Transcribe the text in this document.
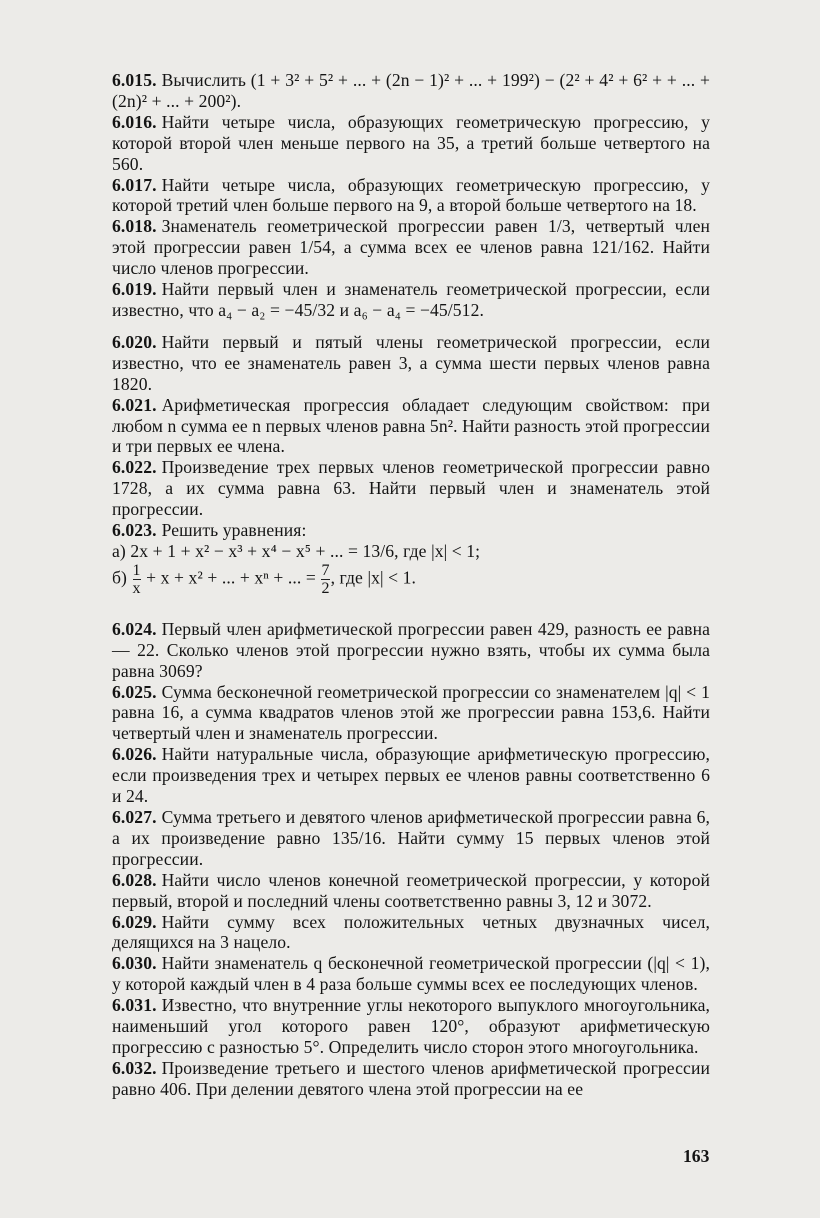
6.015. Вычислить (1 + 3² + 5² + ... + (2n − 1)² + ... + 199²) − (2² + 4² + 6² + + ... + (2n)² + ... + 200²).

6.016. Найти четыре числа, образующих геометрическую прогрессию, у которой второй член меньше первого на 35, а третий больше четвертого на 560.

6.017. Найти четыре числа, образующих геометрическую прогрессию, у которой третий член больше первого на 9, а второй больше четвертого на 18.

6.018. Знаменатель геометрической прогрессии равен 1/3, четвертый член этой прогрессии равен 1/54, а сумма всех ее членов равна 121/162. Найти число членов прогрессии.

6.019. Найти первый член и знаменатель геометрической прогрессии, если известно, что a₄ − a₂ = −45/32 и a₆ − a₄ = −45/512.

6.020. Найти первый и пятый члены геометрической прогрессии, если известно, что ее знаменатель равен 3, а сумма шести первых членов равна 1820.

6.021. Арифметическая прогрессия обладает следующим свойством: при любом n сумма ее n первых членов равна 5n². Найти разность этой прогрессии и три первых ее члена.

6.022. Произведение трех первых членов геометрической прогрессии равно 1728, а их сумма равна 63. Найти первый член и знаменатель этой прогрессии.

6.023. Решить уравнения:

а) 2x + 1 + x² − x³ + x⁴ − x⁵ + ... = 13/6, где |x| < 1;

$б) \frac{1}{x} + x + x^2$ + ... + xⁿ + ... = $\frac{7}{2}$ , где |x| < 1.

6.024. Первый член арифметической прогрессии равен 429, разность ее равна — 22. Сколько членов этой прогрессии нужно взять, чтобы их сумма была равна 3069?

6.025. Сумма бесконечной геометрической прогрессии со знаменателем |q| < 1 равна 16, а сумма квадратов членов этой же прогрессии равна 153,6. Найти четвертый член и знаменатель прогрессии.

6.026. Найти натуральные числа, образующие арифметическую прогрессию, если произведения трех и четырех первых ее членов равны соответственно 6 и 24.

6.027. Сумма третьего и девятого членов арифметической прогрессии равна 6, а их произведение равно 135/16. Найти сумму 15 первых членов этой прогрессии.

6.028. Найти число членов конечной геометрической прогрессии, у которой первый, второй и последний члены соответственно равны 3, 12 и 3072.

6.029. Найти сумму всех положительных четных двузначных чисел, делящихся на 3 нацело.

6.030. Найти знаменатель q бесконечной геометрической прогрессии (|q| < 1), у которой каждый член в 4 раза больше суммы всех ее последующих членов.

6.031. Известно, что внутренние углы некоторого выпуклого многоугольника, наименьший угол которого равен 120°, образуют арифметическую прогрессию с разностью 5°. Определить число сторон этого многоугольника.

6.032. Произведение третьего и шестого членов арифметической прогрессии равно 406. При делении девятого члена этой прогрессии на ее

163
